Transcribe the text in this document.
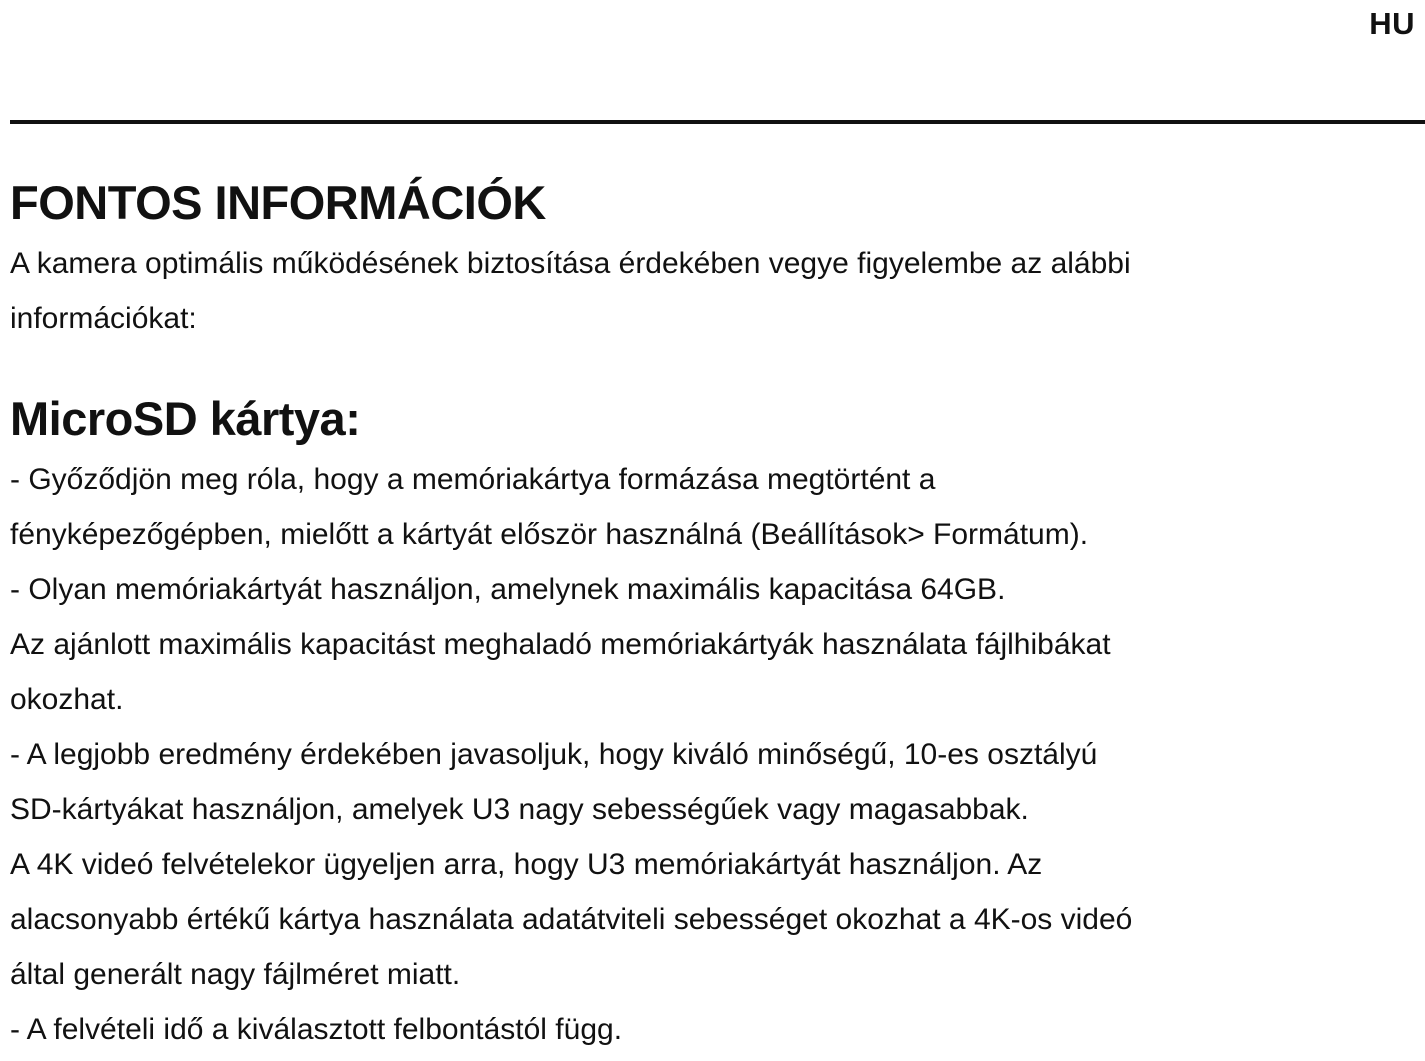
HU
FONTOS INFORMÁCIÓK

A kamera optimális működésének biztosítása érdekében vegye figyelembe az alábbi

információkat:

MicroSD kártya:

- Győződjön meg róla, hogy a memóriakártya formázása megtörtént a

fényképezőgépben, mielőtt a kártyát először használná (Beállítások> Formátum).

- Olyan memóriakártyát használjon, amelynek maximális kapacitása 64GB.

Az ajánlott maximális kapacitást meghaladó memóriakártyák használata fájlhibákat

okozhat.

- A legjobb eredmény érdekében javasoljuk, hogy kiváló minőségű, 10-es osztályú

SD-kártyákat használjon, amelyek U3 nagy sebességűek vagy magasabbak.

A 4K videó felvételekor ügyeljen arra, hogy U3 memóriakártyát használjon. Az

alacsonyabb értékű kártya használata adatátviteli sebességet okozhat a 4K-os videó

által generált nagy fájlméret miatt.

- A felvételi idő a kiválasztott felbontástól függ.
